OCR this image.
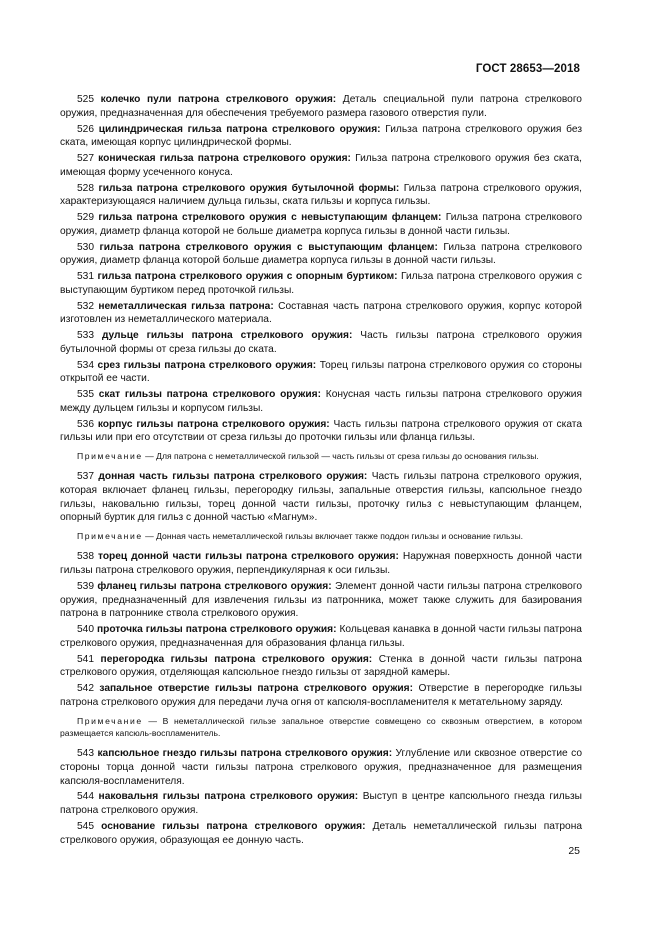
ГОСТ 28653—2018

525 колечко пули патрона стрелкового оружия: Деталь специальной пули патрона стрелкового оружия, предназначенная для обеспечения требуемого размера газового отверстия пули.

526 цилиндрическая гильза патрона стрелкового оружия: Гильза патрона стрелкового оружия без ската, имеющая корпус цилиндрической формы.

527 коническая гильза патрона стрелкового оружия: Гильза патрона стрелкового оружия без ската, имеющая форму усеченного конуса.

528 гильза патрона стрелкового оружия бутылочной формы: Гильза патрона стрелкового оружия, характеризующаяся наличием дульца гильзы, ската гильзы и корпуса гильзы.

529 гильза патрона стрелкового оружия с невыступающим фланцем: Гильза патрона стрелкового оружия, диаметр фланца которой не больше диаметра корпуса гильзы в донной части гильзы.

530 гильза патрона стрелкового оружия с выступающим фланцем: Гильза патрона стрелкового оружия, диаметр фланца которой больше диаметра корпуса гильзы в донной части гильзы.

531 гильза патрона стрелкового оружия с опорным буртиком: Гильза патрона стрелкового оружия с выступающим буртиком перед проточкой гильзы.

532 неметаллическая гильза патрона: Составная часть патрона стрелкового оружия, корпус которой изготовлен из неметаллического материала.

533 дульце гильзы патрона стрелкового оружия: Часть гильзы патрона стрелкового оружия бутылочной формы от среза гильзы до ската.

534 срез гильзы патрона стрелкового оружия: Торец гильзы патрона стрелкового оружия со стороны открытой ее части.

535 скат гильзы патрона стрелкового оружия: Конусная часть гильзы патрона стрелкового оружия между дульцем гильзы и корпусом гильзы.

536 корпус гильзы патрона стрелкового оружия: Часть гильзы патрона стрелкового оружия от ската гильзы или при его отсутствии от среза гильзы до проточки гильзы или фланца гильзы.

Примечание — Для патрона с неметаллической гильзой — часть гильзы от среза гильзы до основания гильзы.

537 донная часть гильзы патрона стрелкового оружия: Часть гильзы патрона стрелкового оружия, которая включает фланец гильзы, перегородку гильзы, запальные отверстия гильзы, капсюльное гнездо гильзы, наковальню гильзы, торец донной части гильзы, проточку гильз с невыступающим фланцем, опорный буртик для гильз с донной частью «Магнум».

Примечание — Донная часть неметаллической гильзы включает также поддон гильзы и основание гильзы.

538 торец донной части гильзы патрона стрелкового оружия: Наружная поверхность донной части гильзы патрона стрелкового оружия, перпендикулярная к оси гильзы.

539 фланец гильзы патрона стрелкового оружия: Элемент донной части гильзы патрона стрелкового оружия, предназначенный для извлечения гильзы из патронника, может также служить для базирования патрона в патроннике ствола стрелкового оружия.

540 проточка гильзы патрона стрелкового оружия: Кольцевая канавка в донной части гильзы патрона стрелкового оружия, предназначенная для образования фланца гильзы.

541 перегородка гильзы патрона стрелкового оружия: Стенка в донной части гильзы патрона стрелкового оружия, отделяющая капсюльное гнездо гильзы от зарядной камеры.

542 запальное отверстие гильзы патрона стрелкового оружия: Отверстие в перегородке гильзы патрона стрелкового оружия для передачи луча огня от капсюля-воспламенителя к метательному заряду.

Примечание — В неметаллической гильзе запальное отверстие совмещено со сквозным отверстием, в котором размещается капсюль-воспламенитель.

543 капсюльное гнездо гильзы патрона стрелкового оружия: Углубление или сквозное отверстие со стороны торца донной части гильзы патрона стрелкового оружия, предназначенное для размещения капсюля-воспламенителя.

544 наковальня гильзы патрона стрелкового оружия: Выступ в центре капсюльного гнезда гильзы патрона стрелкового оружия.

545 основание гильзы патрона стрелкового оружия: Деталь неметаллической гильзы патрона стрелкового оружия, образующая ее донную часть.

25
